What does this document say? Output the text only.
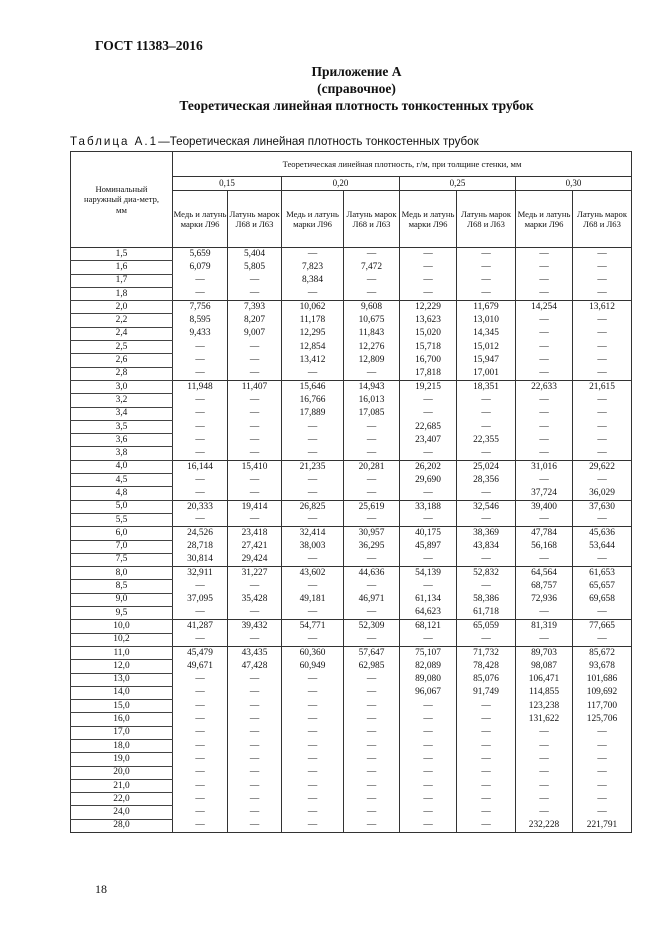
ГОСТ 11383–2016
Приложение А
(справочное)
Теоретическая линейная плотность тонкостенных трубок
Таблица А.1—Теоретическая линейная плотность тонкостенных трубок
Номинальный наружный диа-метр, мм	Теоретическая линейная плотность, г/м, при толщине стенки, мм							
	0,15		0,20		0,25		0,30	
	Медь и латунь марки Л96	Латунь марок Л68 и Л63	Медь и латунь марки Л96	Латунь марок Л68 и Л63	Медь и латунь марки Л96	Латунь марок Л68 и Л63	Медь и латунь марки Л96	Латунь марок Л68 и Л63
1,5	5,659	5,404	—	—	—	—	—	—
1,6	6,079	5,805	7,823	7,472	—	—	—	—
1,7	—	—	8,384	—	—	—	—	—
1,8	—	—	—	—	—	—	—	—
2,0	7,756	7,393	10,062	9,608	12,229	11,679	14,254	13,612
2,2	8,595	8,207	11,178	10,675	13,623	13,010	—	—
2,4	9,433	9,007	12,295	11,843	15,020	14,345	—	—
2,5	—	—	12,854	12,276	15,718	15,012	—	—
2,6	—	—	13,412	12,809	16,700	15,947	—	—
2,8	—	—	—	—	17,818	17,001	—	—
3,0	11,948	11,407	15,646	14,943	19,215	18,351	22,633	21,615
3,2	—	—	16,766	16,013	—	—	—	—
3,4	—	—	17,889	17,085	—	—	—	—
3,5	—	—	—	—	22,685	—	—	—
3,6	—	—	—	—	23,407	22,355	—	—
3,8	—	—	—	—	—	—	—	—
4,0	16,144	15,410	21,235	20,281	26,202	25,024	31,016	29,622
4,5	—	—	—	—	29,690	28,356	—	—
4,8	—	—	—	—	—	—	37,724	36,029
5,0	20,333	19,414	26,825	25,619	33,188	32,546	39,400	37,630
5,5	—	—	—	—	—	—	—	—
6,0	24,526	23,418	32,414	30,957	40,175	38,369	47,784	45,636
7,0	28,718	27,421	38,003	36,295	45,897	43,834	56,168	53,644
7,5	30,814	29,424	—	—	—	—	—	—
8,0	32,911	31,227	43,602	44,636	54,139	52,832	64,564	61,653
8,5	—	—	—	—	—	—	68,757	65,657
9,0	37,095	35,428	49,181	46,971	61,134	58,386	72,936	69,658
9,5	—	—	—	—	64,623	61,718	—	—
10,0	41,287	39,432	54,771	52,309	68,121	65,059	81,319	77,665
10,2	—	—	—	—	—	—	—	—
11,0	45,479	43,435	60,360	57,647	75,107	71,732	89,703	85,672
12,0	49,671	47,428	60,949	62,985	82,089	78,428	98,087	93,678
13,0	—	—	—	—	89,080	85,076	106,471	101,686
14,0	—	—	—	—	96,067	91,749	114,855	109,692
15,0	—	—	—	—	—	—	123,238	117,700
16,0	—	—	—	—	—	—	131,622	125,706
17,0	—	—	—	—	—	—	—	—
18,0	—	—	—	—	—	—	—	—
19,0	—	—	—	—	—	—	—	—
20,0	—	—	—	—	—	—	—	—
21,0	—	—	—	—	—	—	—	—
22,0	—	—	—	—	—	—	—	—
24,0	—	—	—	—	—	—	—	—
28,0	—	—	—	—	—	—	232,228	221,791
18
